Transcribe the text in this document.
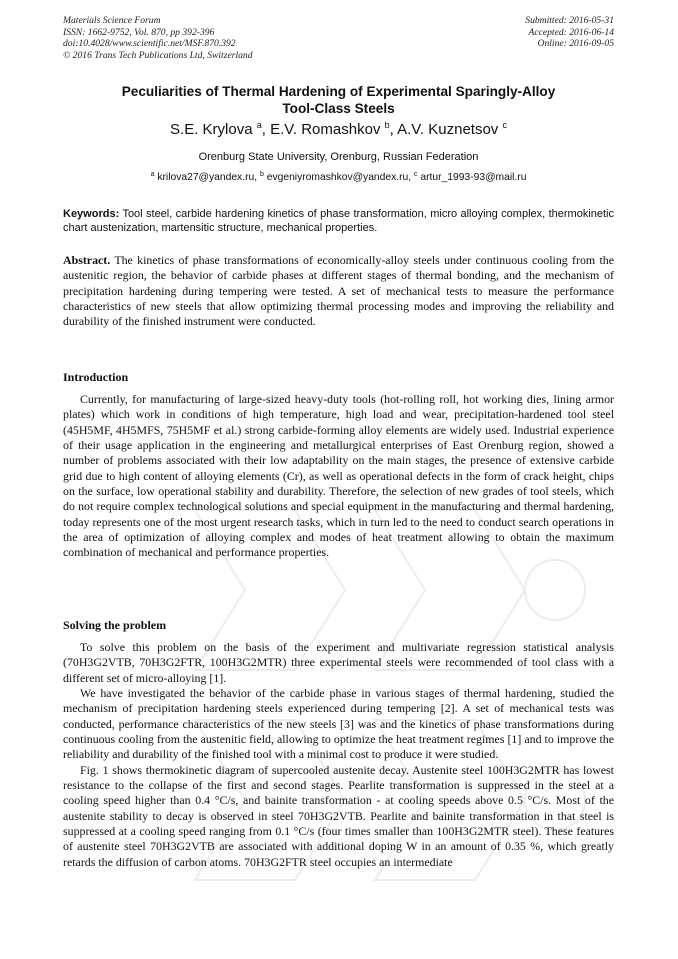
Materials Science Forum
ISSN: 1662-9752, Vol. 870, pp 392-396
doi:10.4028/www.scientific.net/MSF.870.392
© 2016 Trans Tech Publications Ltd, Switzerland
Submitted: 2016-05-31
Accepted: 2016-06-14
Online: 2016-09-05
Peculiarities of Thermal Hardening of Experimental Sparingly-Alloy
Tool-Class Steels
S.E. Krylova $^a$, E.V. Romashkov $^b$, A.V. Kuznetsov $^c$
Orenburg State University, Orenburg, Russian Federation
$^a$ krilova27@yandex.ru, $^b$ evgeniyromashkov@yandex.ru, $^c$ artur_1993-93@mail.ru
Keywords: Tool steel, carbide hardening kinetics of phase transformation, micro alloying complex, thermokinetic chart austenization, martensitic structure, mechanical properties.

Abstract. The kinetics of phase transformations of economically-alloy steels under continuous cooling from the austenitic region, the behavior of carbide phases at different stages of thermal bonding, and the mechanism of precipitation hardening during tempering were tested. A set of mechanical tests to measure the performance characteristics of new steels that allow optimizing thermal processing modes and improving the reliability and durability of the finished instrument were conducted.

Introduction

Currently, for manufacturing of large-sized heavy-duty tools (hot-rolling roll, hot working dies, lining armor plates) which work in conditions of high temperature, high load and wear, precipitation-hardened tool steel (45H5MF, 4H5MFS, 75H5MF et al.) strong carbide-forming alloy elements are widely used. Industrial experience of their usage application in the engineering and metallurgical enterprises of East Orenburg region, showed a number of problems associated with their low adaptability on the main stages, the presence of extensive carbide grid due to high content of alloying elements (Cr), as well as operational defects in the form of crack height, chips on the surface, low operational stability and durability. Therefore, the selection of new grades of tool steels, which do not require complex technological solutions and special equipment in the manufacturing and thermal hardening, today represents one of the most urgent research tasks, which in turn led to the need to conduct search operations in the area of optimization of alloying complex and modes of heat treatment allowing to obtain the maximum combination of mechanical and performance properties.

Solving the problem

To solve this problem on the basis of the experiment and multivariate regression statistical analysis (70H3G2VTB, 70H3G2FTR, 100H3G2MTR) three experimental steels were recommended of tool class with a different set of micro-alloying [1].

We have investigated the behavior of the carbide phase in various stages of thermal hardening, studied the mechanism of precipitation hardening steels experienced during tempering [2]. A set of mechanical tests was conducted, performance characteristics of the new steels [3] was and the kinetics of phase transformations during continuous cooling from the austenitic field, allowing to optimize the heat treatment regimes [1] and to improve the reliability and durability of the finished tool with a minimal cost to produce it were studied.

Fig. 1 shows thermokinetic diagram of supercooled austenite decay. Austenite steel 100H3G2MTR has lowest resistance to the collapse of the first and second stages. Pearlite transformation is suppressed in the steel at a cooling speed higher than 0.4 °C/s, and bainite transformation - at cooling speeds above 0.5 °C/s. Most of the austenite stability to decay is observed in steel 70H3G2VTB. Pearlite and bainite transformation in that steel is suppressed at a cooling speed ranging from 0.1 °C/s (four times smaller than 100H3G2MTR steel). These features of austenite steel 70H3G2VTB are associated with additional doping W in an amount of 0.35 %, which greatly retards the diffusion of carbon atoms. 70H3G2FTR steel occupies an intermediate
